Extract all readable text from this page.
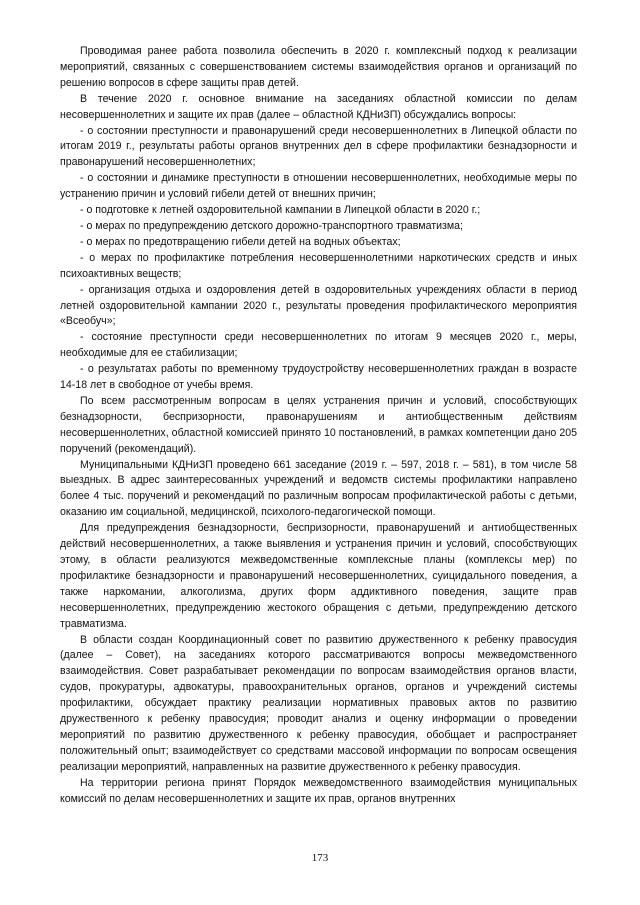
Проводимая ранее работа позволила обеспечить в 2020 г. комплексный подход к реализации мероприятий, связанных с совершенствованием системы взаимодействия органов и организаций по решению вопросов в сфере защиты прав детей.

В течение 2020 г. основное внимание на заседаниях областной комиссии по делам несовершеннолетних и защите их прав (далее – областной КДНиЗП) обсуждались вопросы:

- о состоянии преступности и правонарушений среди несовершеннолетних в Липецкой области по итогам 2019 г., результаты работы органов внутренних дел в сфере профилактики безнадзорности и правонарушений несовершеннолетних;

- о состоянии и динамике преступности в отношении несовершеннолетних, необходимые меры по устранению причин и условий гибели детей от внешних причин;

- о подготовке к летней оздоровительной кампании в Липецкой области в 2020 г.;

- о мерах по предупреждению детского дорожно-транспортного травматизма;

- о мерах по предотвращению гибели детей на водных объектах;

- о мерах по профилактике потребления несовершеннолетними наркотических средств и иных психоактивных веществ;

- организация отдыха и оздоровления детей в оздоровительных учреждениях области в период летней оздоровительной кампании 2020 г., результаты проведения профилактического мероприятия «Всеобуч»;

- состояние преступности среди несовершеннолетних по итогам 9 месяцев 2020 г., меры, необходимые для ее стабилизации;

- о результатах работы по временному трудоустройству несовершеннолетних граждан в возрасте 14-18 лет в свободное от учебы время.

По всем рассмотренным вопросам в целях устранения причин и условий, способствующих безнадзорности, беспризорности, правонарушениям и антиобщественным действиям несовершеннолетних, областной комиссией принято 10 постановлений, в рамках компетенции дано 205 поручений (рекомендаций).

Муниципальными КДНиЗП проведено 661 заседание (2019 г. – 597, 2018 г. – 581), в том числе 58 выездных. В адрес заинтересованных учреждений и ведомств системы профилактики направлено более 4 тыс. поручений и рекомендаций по различным вопросам профилактической работы с детьми, оказанию им социальной, медицинской, психолого-педагогической помощи.

Для предупреждения безнадзорности, беспризорности, правонарушений и антиобщественных действий несовершеннолетних, а также выявления и устранения причин и условий, способствующих этому, в области реализуются межведомственные комплексные планы (комплексы мер) по профилактике безнадзорности и правонарушений несовершеннолетних, суицидального поведения, а также наркомании, алкоголизма, других форм аддиктивного поведения, защите прав несовершеннолетних, предупреждению жестокого обращения с детьми, предупреждению детского травматизма.

В области создан Координационный совет по развитию дружественного к ребенку правосудия (далее – Совет), на заседаниях которого рассматриваются вопросы межведомственного взаимодействия. Совет разрабатывает рекомендации по вопросам взаимодействия органов власти, судов, прокуратуры, адвокатуры, правоохранительных органов, органов и учреждений системы профилактики, обсуждает практику реализации нормативных правовых актов по развитию дружественного к ребенку правосудия; проводит анализ и оценку информации о проведении мероприятий по развитию дружественного к ребенку правосудия, обобщает и распространяет положительный опыт; взаимодействует со средствами массовой информации по вопросам освещения реализации мероприятий, направленных на развитие дружественного к ребенку правосудия.

На территории региона принят Порядок межведомственного взаимодействия муниципальных комиссий по делам несовершеннолетних и защите их прав, органов внутренних

173
